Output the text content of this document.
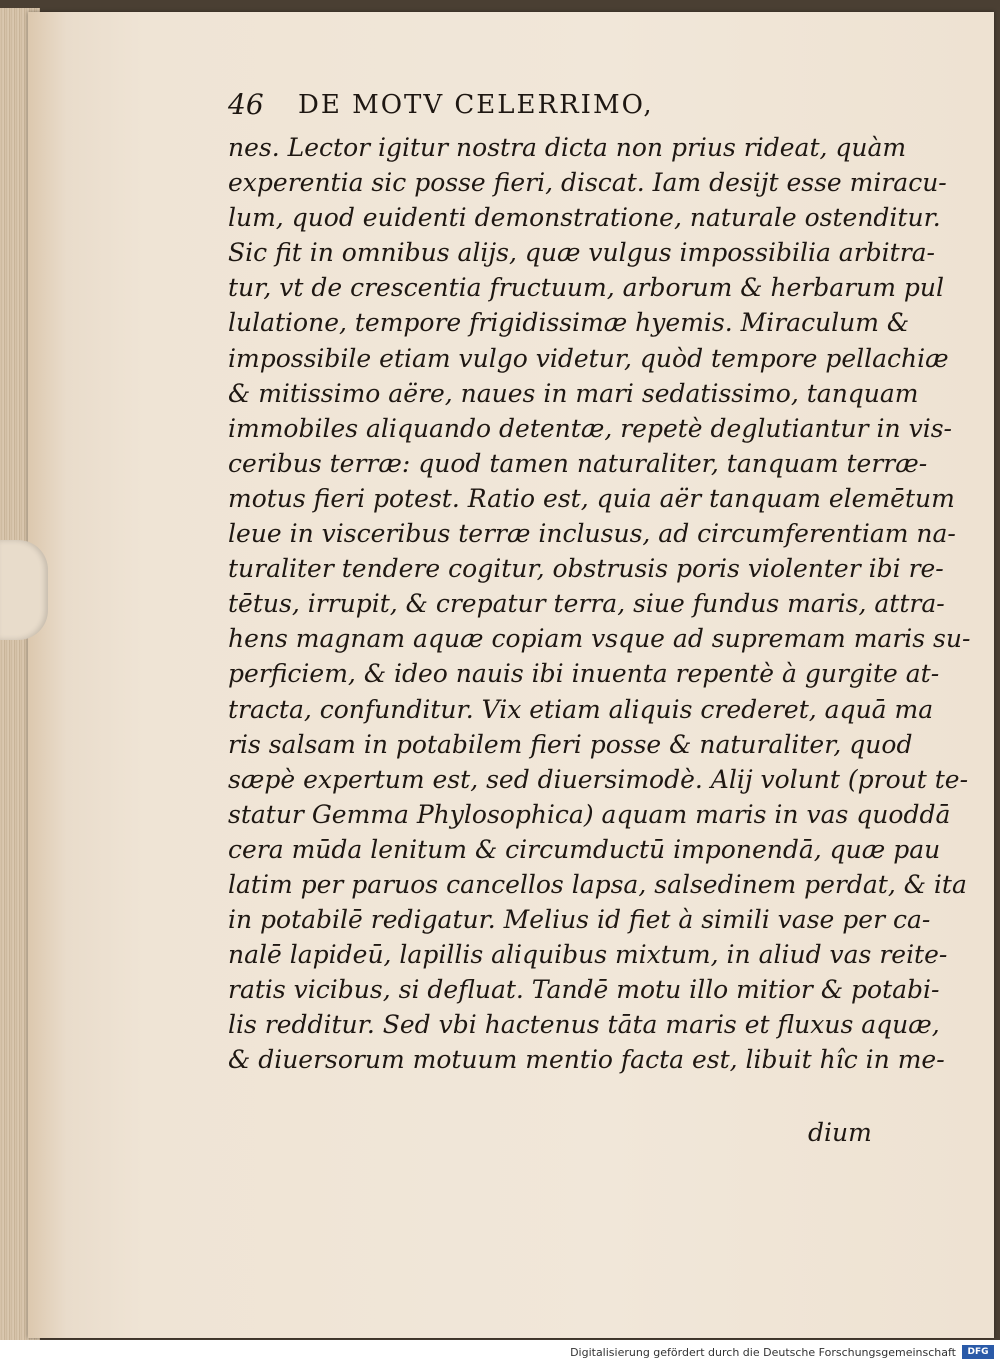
46 DE MOTV CELERRIMO,
nes. Lector igitur nostra dicta non prius rideat, quàm
experentia sic posse fieri, discat. Iam desijt esse miracu-
lum, quod euidenti demonstratione, naturale ostenditur.
Sic fit in omnibus alijs, quæ vulgus impossibilia arbitra-
tur, vt de crescentia fructuum, arborum & herbarum pul
lulatione, tempore frigidissimæ hyemis. Miraculum &
impossibile etiam vulgo videtur, quòd tempore pellachiæ
& mitissimo aëre, naues in mari sedatissimo, tanquam
immobiles aliquando detentæ, repetè deglutiantur in vis-
ceribus terræ: quod tamen naturaliter, tanquam terræ-
motus fieri potest. Ratio est, quia aër tanquam elemētum
leue in visceribus terræ inclusus, ad circumferentiam na-
turaliter tendere cogitur, obstrusis poris violenter ibi re-
tētus, irrupit, & crepatur terra, siue fundus maris, attra-
hens magnam aquæ copiam vsque ad supremam maris su-
perficiem, & ideo nauis ibi inuenta repentè à gurgite at-
tracta, confunditur. Vix etiam aliquis crederet, aquā ma
ris salsam in potabilem fieri posse & naturaliter, quod
sæpè expertum est, sed diuersimodè. Alij volunt (prout te-
statur Gemma Phylosophica) aquam maris in vas quoddā
cera mūda lenitum & circumductū imponendā, quæ pau
latim per paruos cancellos lapsa, salsedinem perdat, & ita
in potabilē redigatur. Melius id fiet à simili vase per ca-
nalē lapideū, lapillis aliquibus mixtum, in aliud vas reite-
ratis vicibus, si defluat. Tandē motu illo mitior & potabi-
lis redditur. Sed vbi hactenus tāta maris et fluxus aquæ,
& diuersorum motuum mentio facta est, libuit hîc in me-
dium
Digitalisierung gefördert durch die Deutsche Forschungsgemeinschaft	DFG
